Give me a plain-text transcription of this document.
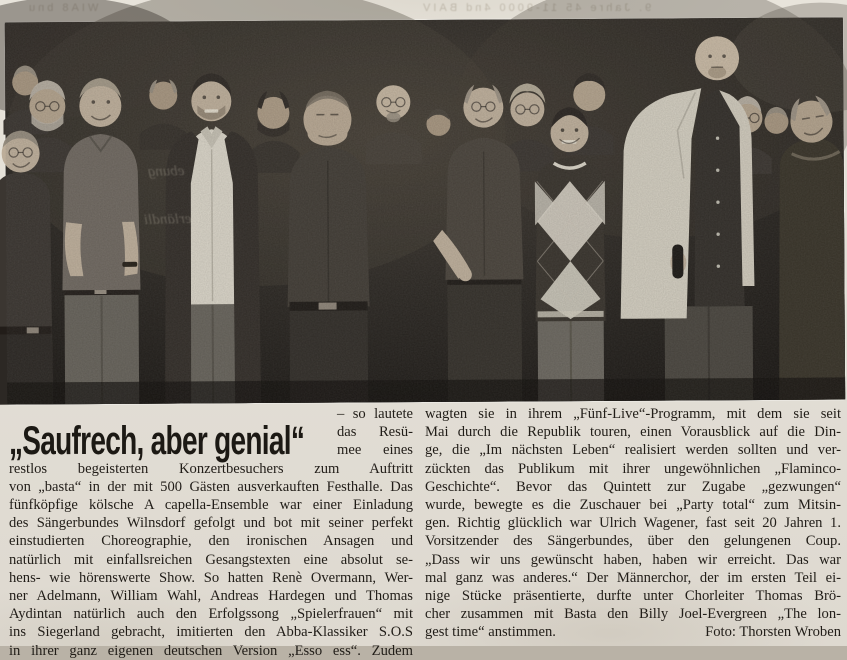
WIA8 bnu	9. Jahre 45 11-9000 4nd BAIV
ebung
erländli
„Saufrech, aber genial“
– so lautete
das Resü-
mee eines restlos begeisterten Konzertbesuchers zum Auftritt
von „basta“ in der mit 500 Gästen ausverkauften Festhalle. Das
fünfköpfige kölsche A capella-Ensemble war einer Einladung
des Sängerbundes Wilnsdorf gefolgt und bot mit seiner perfekt
einstudierten Choreographie, den ironischen Ansagen und
natürlich mit einfallsreichen Gesangstexten eine absolut se-
hens- wie hörenswerte Show. So hatten Renè Overmann, Wer-
ner Adelmann, William Wahl, Andreas Hardegen und Thomas
Aydintan natürlich auch den Erfolgssong „Spielerfrauen“ mit
ins Siegerland gebracht, imitierten den Abba-Klassiker S.O.S
in ihrer ganz eigenen deutschen Version „Esso ess“. Zudem
wagten sie in ihrem „Fünf-Live“-Programm, mit dem sie seit
Mai durch die Republik touren, einen Vorausblick auf die Din-
ge, die „Im nächsten Leben“ realisiert werden sollten und ver-
zückten das Publikum mit ihrer ungewöhnlichen „Flaminco-
Geschichte“. Bevor das Quintett zur Zugabe „gezwungen“
wurde, bewegte es die Zuschauer bei „Party total“ zum Mitsin-
gen. Richtig glücklich war Ulrich Wagener, fast seit 20 Jahren 1.
Vorsitzender des Sängerbundes, über den gelungenen Coup.
„Dass wir uns gewünscht haben, haben wir erreicht. Das war
mal ganz was anderes.“ Der Männerchor, der im ersten Teil ei-
nige Stücke präsentierte, durfte unter Chorleiter Thomas Brö-
cher zusammen mit Basta den Billy Joel-Evergreen „The lon-
gest time“ anstimmen.	Foto: Thorsten Wroben
